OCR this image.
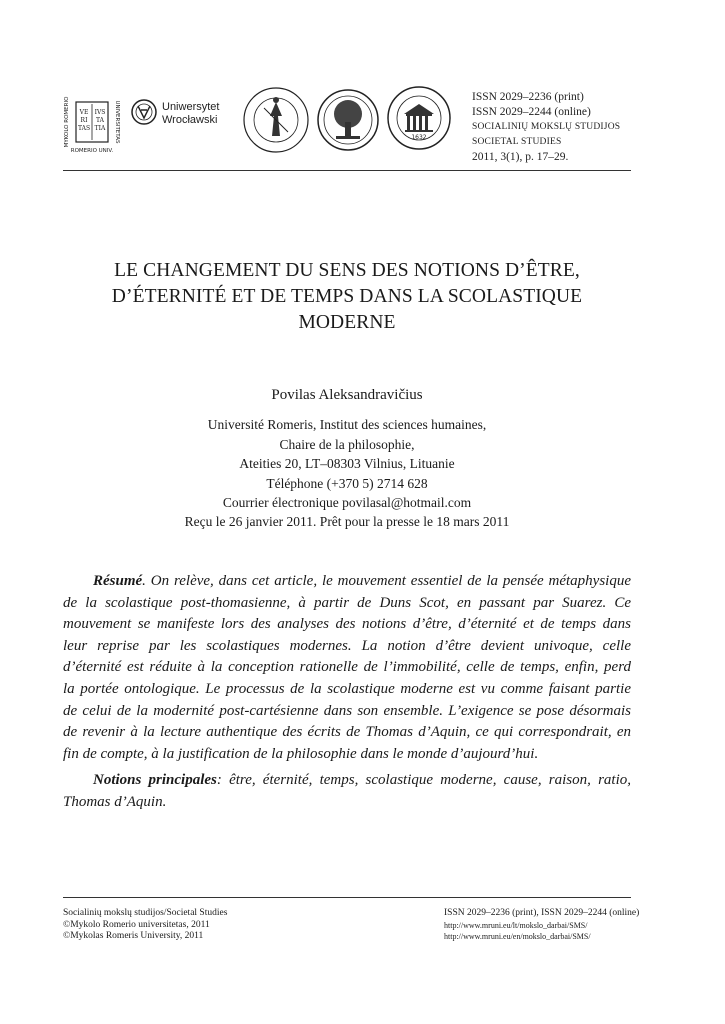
VE IVS
RI TA
TAS TIA
MYKOLO ROMERIO	UNIVERSITETAS
ROMERIO UNIV.
Uniwersytet
Wrocławski
1632
ISSN 2029–2236 (print)
ISSN 2029–2244 (online)
SOCIALINIŲ MOKSLŲ STUDIJOS
SOCIETAL STUDIES
2011, 3(1), p. 17–29.
LE CHANGEMENT DU SENS DES NOTIONS D’ÊTRE,
D’ÉTERNITÉ ET DE TEMPS DANS LA SCOLASTIQUE
MODERNE
Povilas Aleksandravičius
Université Romeris, Institut des sciences humaines,
Chaire de la philosophie,
Ateities 20, LT–08303 Vilnius, Lituanie
Téléphone (+370 5) 2714 628
Courrier électronique povilasal@hotmail.com
Reçu le 26 janvier 2011. Prêt pour la presse le 18 mars 2011
Résumé. On relève, dans cet article, le mouvement essentiel de la pensée métaphysique
de la scolastique post-thomasienne, à partir de Duns Scot, en passant par Suarez. Ce
mouvement se manifeste lors des analyses des notions d’être, d’éternité et de temps dans
leur reprise par les scolastiques modernes. La notion d’être devient univoque, celle
d’éternité est réduite à la conception rationelle de l’immobilité, celle de temps, enfin, perd
la portée ontologique. Le processus de la scolastique moderne est vu comme faisant partie
de celui de la modernité post-cartésienne dans son ensemble. L’exigence se pose désormais
de revenir à la lecture authentique des écrits de Thomas d’Aquin, ce qui correspondrait, en
fin de compte, à la justification de la philosophie dans le monde d’aujourd’hui.
Notions principales: être, éternité, temps, scolastique moderne, cause, raison, ratio,
Thomas d’Aquin.
Socialinių mokslų studijos/Societal Studies
©Mykolo Romerio universitetas, 2011
©Mykolas Romeris University, 2011
ISSN 2029–2236 (print), ISSN 2029–2244 (online)
http://www.mruni.eu/lt/mokslo_darbai/SMS/
http://www.mruni.eu/en/mokslo_darbai/SMS/
